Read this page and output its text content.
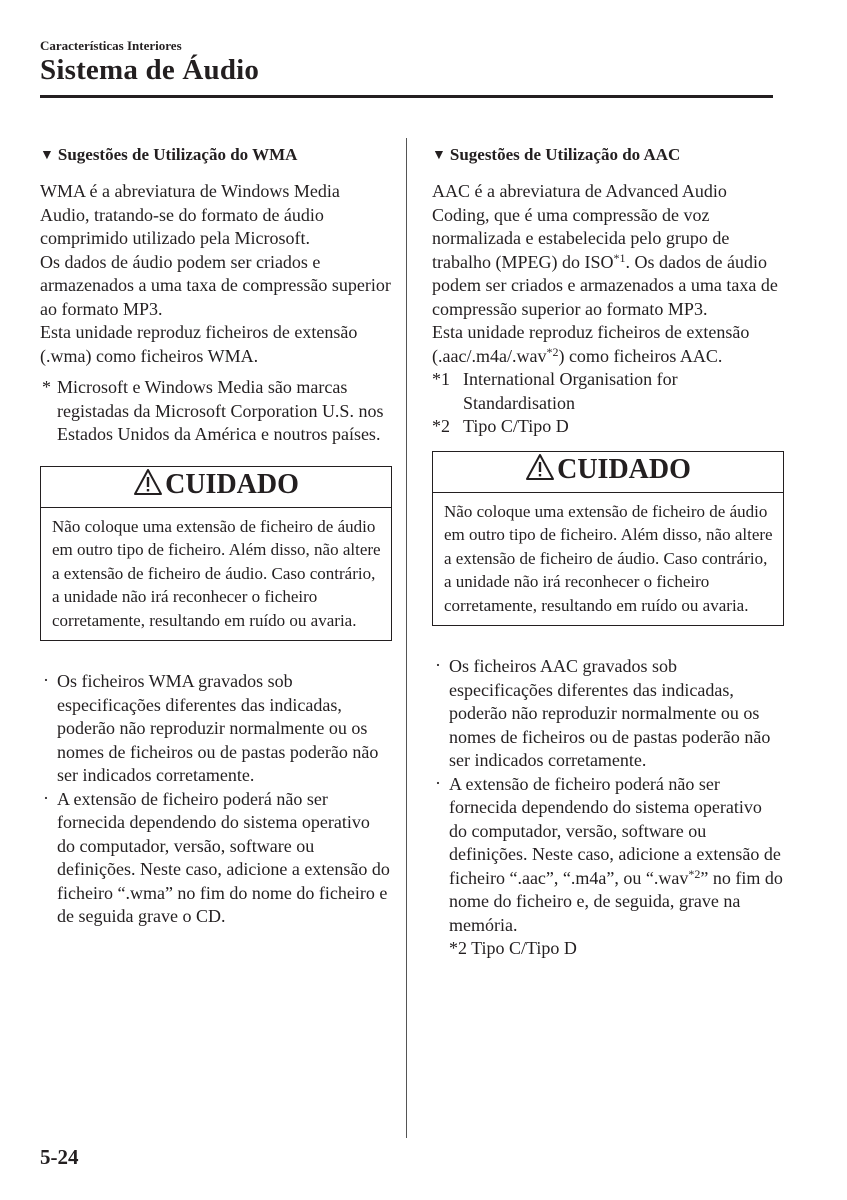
Características Interiores
Sistema de Áudio
▼ Sugestões de Utilização do WMA

WMA é a abreviatura de Windows Media Audio, tratando-se do formato de áudio comprimido utilizado pela Microsoft.

Os dados de áudio podem ser criados e armazenados a uma taxa de compressão superior ao formato MP3.

Esta unidade reproduz ficheiros de extensão (.wma) como ficheiros WMA.

* Microsoft e Windows Media são marcas registadas da Microsoft Corporation U.S. nos Estados Unidos da América e noutros países.
CUIDADO
Não coloque uma extensão de ficheiro de áudio em outro tipo de ficheiro. Além disso, não altere a extensão de ficheiro de áudio. Caso contrário, a unidade não irá reconhecer o ficheiro corretamente, resultando em ruído ou avaria.
· Os ficheiros WMA gravados sob especificações diferentes das indicadas, poderão não reproduzir normalmente ou os nomes de ficheiros ou de pastas poderão não ser indicados corretamente.
· A extensão de ficheiro poderá não ser fornecida dependendo do sistema operativo do computador, versão, software ou definições. Neste caso, adicione a extensão do ficheiro “.wma” no fim do nome do ficheiro e de seguida grave o CD.
▼ Sugestões de Utilização do AAC

AAC é a abreviatura de Advanced Audio Coding, que é uma compressão de voz normalizada e estabelecida pelo grupo de trabalho (MPEG) do ISO$^{*1}$. Os dados de áudio podem ser criados e armazenados a uma taxa de compressão superior ao formato MP3.

Esta unidade reproduz ficheiros de extensão (.aac/.m4a/.wav$^{*2}$) como ficheiros AAC.

*1 International Organisation for Standardisation
*2 Tipo C/Tipo D
CUIDADO
Não coloque uma extensão de ficheiro de áudio em outro tipo de ficheiro. Além disso, não altere a extensão de ficheiro de áudio. Caso contrário, a unidade não irá reconhecer o ficheiro corretamente, resultando em ruído ou avaria.
· Os ficheiros AAC gravados sob especificações diferentes das indicadas, poderão não reproduzir normalmente ou os nomes de ficheiros ou de pastas poderão não ser indicados corretamente.
· A extensão de ficheiro poderá não ser fornecida dependendo do sistema operativo do computador, versão, software ou definições. Neste caso, adicione a extensão de ficheiro “.aac”, “.m4a”, ou “.wav$^{*2}$” no fim do nome do ficheiro e, de seguida, grave na memória.
*2 Tipo C/Tipo D
5-24
